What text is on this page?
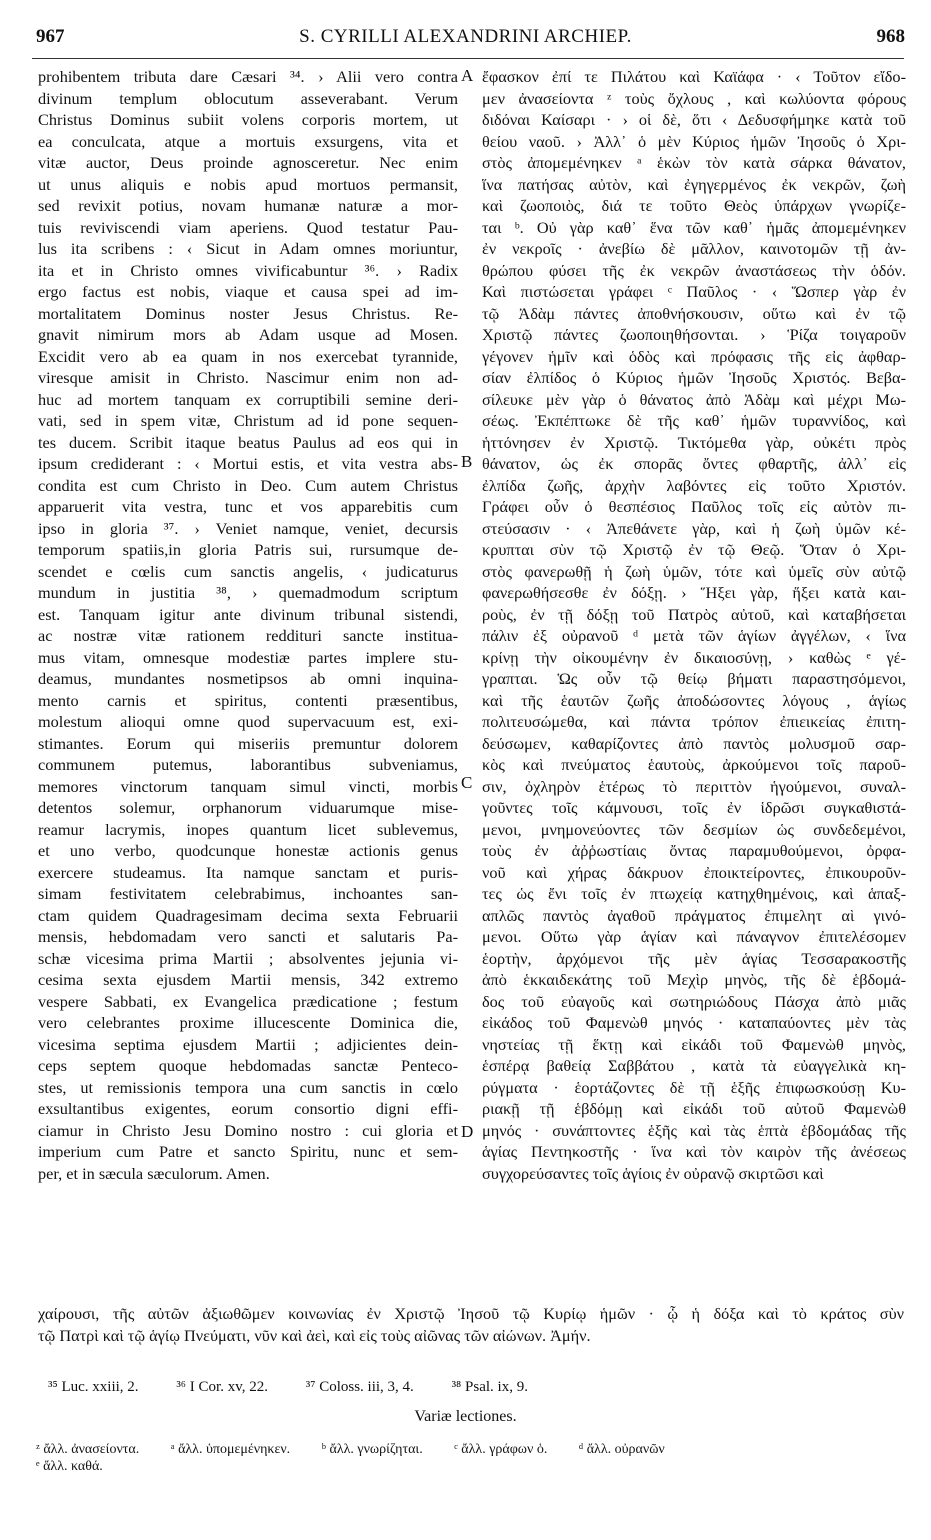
S. CYRILLI ALEXANDRINI ARCHIEP.
967	968
prohibentem tributa dare Cæsari ³⁴. › Alii vero contra
divinum templum oblocutum asseverabant. Verum
Christus Dominus subiit volens corporis mortem, ut
ea conculcata, atque a mortuis exsurgens, vita et
vitæ auctor, Deus proinde agnosceretur. Nec enim
ut unus aliquis e nobis apud mortuos permansit,
sed revixit potius, novam humanæ naturæ a mor-
tuis reviviscendi viam aperiens. Quod testatur Pau-
lus ita scribens : ‹ Sicut in Adam omnes moriuntur,
ita et in Christo omnes vivificabuntur ³⁶. › Radix
ergo factus est nobis, viaque et causa spei ad im-
mortalitatem Dominus noster Jesus Christus. Re-
gnavit nimirum mors ab Adam usque ad Mosen.
Excidit vero ab ea quam in nos exercebat tyrannide,
viresque amisit in Christo. Nascimur enim non ad-
huc ad mortem tanquam ex corruptibili semine deri-
vati, sed in spem vitæ, Christum ad id pone sequen-
tes ducem. Scribit itaque beatus Paulus ad eos qui in
ipsum crediderant : ‹ Mortui estis, et vita vestra abs-
condita est cum Christo in Deo. Cum autem Christus
apparuerit vita vestra, tunc et vos apparebitis cum
ipso in gloria ³⁷. › Veniet namque, veniet, decursis
temporum spatiis,in gloria Patris sui, rursumque de-
scendet e cœlis cum sanctis angelis, ‹ judicaturus
mundum in justitia ³⁸, › quemadmodum scriptum
est. Tanquam igitur ante divinum tribunal sistendi,
ac nostræ vitæ rationem reddituri sancte institua-
mus vitam, omnesque modestiæ partes implere stu-
deamus, mundantes nosmetipsos ab omni inquina-
mento carnis et spiritus, contenti præsentibus,
molestum alioqui omne quod supervacuum est, exi-
stimantes. Eorum qui miseriis premuntur dolorem
communem putemus, laborantibus subveniamus,
memores vinctorum tanquam simul vincti, morbis
detentos solemur, orphanorum viduarumque mise-
reamur lacrymis, inopes quantum licet sublevemus,
et uno verbo, quodcunque honestæ actionis genus
exercere studeamus. Ita namque sanctam et puris-
simam festivitatem celebrabimus, inchoantes san-
ctam quidem Quadragesimam decima sexta Februarii
mensis, hebdomadam vero sancti et salutaris Pa-
schæ vicesima prima Martii ; absolventes jejunia vi-
cesima sexta ejusdem Martii mensis, 342 extremo
vespere Sabbati, ex Evangelica prædicatione ; festum
vero celebrantes proxime illucescente Dominica die,
vicesima septima ejusdem Martii ; adjicientes dein-
ceps septem quoque hebdomadas sanctæ Penteco-
stes, ut remissionis tempora una cum sanctis in cœlo
exsultantibus exigentes, eorum consortio digni effi-
ciamur in Christo Jesu Domino nostro : cui gloria et
imperium cum Patre et sancto Spiritu, nunc et sem-
per, et in sæcula sæculorum. Amen.
ἔφασκον ἐπί τε Πιλάτου καὶ Καϊάφα · ‹ Τοῦτον εἴδο-
μεν ἀνασείοντα ᶻ τοὺς ὄχλους , καὶ κωλύοντα φόρους
διδόναι Καίσαρι · › οἱ δὲ, ὅτι ‹ Δεδυσφήμηκε κατὰ τοῦ
θείου ναοῦ. › Ἀλλ᾽ ὁ μὲν Κύριος ἡμῶν Ἰησοῦς ὁ Χρι-
στὸς ἀπομεμένηκεν ᵃ ἑκὼν τὸν κατὰ σάρκα θάνατον,
ἵνα πατήσας αὐτὸν, καὶ ἐγηγερμένος ἐκ νεκρῶν, ζωὴ
καὶ ζωοποιὸς, διά τε τοῦτο Θεὸς ὑπάρχων γνωρίζε-
ται ᵇ. Οὐ γὰρ καθ᾽ ἕνα τῶν καθ᾽ ἡμᾶς ἀπομεμένηκεν
ἐν νεκροῖς · ἀνεβίω δὲ μᾶλλον, καινοτομῶν τῇ ἀν-
θρώπου φύσει τῆς ἐκ νεκρῶν ἀναστάσεως τὴν ὁδόν.
Καὶ πιστώσεται γράφει ᶜ Παῦλος · ‹ Ὥσπερ γὰρ ἐν
τῷ Ἀδὰμ πάντες ἀποθνήσκουσιν, οὕτω καὶ ἐν τῷ
Χριστῷ πάντες ζωοποιηθήσονται. › Ῥίζα τοιγαροῦν
γέγονεν ἡμῖν καὶ ὁδὸς καὶ πρόφασις τῆς εἰς ἀφθαρ-
σίαν ἐλπίδος ὁ Κύριος ἡμῶν Ἰησοῦς Χριστός. Βεβα-
σίλευκε μὲν γὰρ ὁ θάνατος ἀπὸ Ἀδὰμ καὶ μέχρι Μω-
σέως. Ἐκπέπτωκε δὲ τῆς καθ᾽ ἡμῶν τυραννίδος, καὶ
ἡττόνησεν ἐν Χριστῷ. Τικτόμεθα γὰρ, οὐκέτι πρὸς
θάνατον, ὡς ἐκ σπορᾶς ὄντες φθαρτῆς, ἀλλ᾽ εἰς
ἐλπίδα ζωῆς, ἀρχὴν λαβόντες εἰς τοῦτο Χριστόν.
Γράφει οὖν ὁ θεσπέσιος Παῦλος τοῖς εἰς αὐτὸν πι-
στεύσασιν · ‹ Ἀπεθάνετε γὰρ, καὶ ἡ ζωὴ ὑμῶν κέ-
κρυπται σὺν τῷ Χριστῷ ἐν τῷ Θεῷ. Ὅταν ὁ Χρι-
στὸς φανερωθῇ ἡ ζωὴ ὑμῶν, τότε καὶ ὑμεῖς σὺν αὐτῷ
φανερωθήσεσθε ἐν δόξῃ. › Ἥξει γὰρ, ἥξει κατὰ και-
ροὺς, ἐν τῇ δόξῃ τοῦ Πατρὸς αὐτοῦ, καὶ καταβήσεται
πάλιν ἐξ οὐρανοῦ ᵈ μετὰ τῶν ἁγίων ἀγγέλων, ‹ ἵνα
κρίνῃ τὴν οἰκουμένην ἐν δικαιοσύνῃ, › καθὼς ᵉ γέ-
γραπται. Ὡς οὖν τῷ θείῳ βήματι παραστησόμενοι,
καὶ τῆς ἑαυτῶν ζωῆς ἀποδώσοντες λόγους , ἁγίως
πολιτευσώμεθα, καὶ πάντα τρόπον ἐπιεικείας ἐπιτη-
δεύσωμεν, καθαρίζοντες ἀπὸ παντὸς μολυσμοῦ σαρ-
κὸς καὶ πνεύματος ἑαυτοὺς, ἀρκούμενοι τοῖς παροῦ-
σιν, ὀχληρὸν ἑτέρως τὸ περιττὸν ἡγούμενοι, συναλ-
γοῦντες τοῖς κάμνουσι, τοῖς ἐν ἱδρῶσι συγκαθιστά-
μενοι, μνημονεύοντες τῶν δεσμίων ὡς συνδεδεμένοι,
τοὺς ἐν ἀῤῥωστίαις ὄντας παραμυθούμενοι, ὀρφα-
νοῦ καὶ χήρας δάκρυον ἐποικτείροντες, ἐπικουροῦν-
τες ὡς ἔνι τοῖς ἐν πτωχείᾳ κατηχθημένοις, καὶ ἁπαξ-
απλῶς παντὸς ἀγαθοῦ πράγματος ἐπιμελητ αὶ γινό-
μενοι. Οὕτω γὰρ ἁγίαν καὶ πάναγνον ἐπιτελέσομεν
ἑορτὴν, ἀρχόμενοι τῆς μὲν ἁγίας Τεσσαρακοστῆς
ἀπὸ ἑκκαιδεκάτης τοῦ Μεχὶρ μηνὸς, τῆς δὲ ἑβδομά-
δος τοῦ εὐαγοῦς καὶ σωτηριώδους Πάσχα ἀπὸ μιᾶς
εἰκάδος τοῦ Φαμενὼθ μηνός · καταπαύοντες μὲν τὰς
νηστείας τῇ ἕκτῃ καὶ εἰκάδι τοῦ Φαμενὼθ μηνὸς,
ἑσπέρᾳ βαθείᾳ Σαββάτου , κατὰ τὰ εὐαγγελικὰ κη-
ρύγματα · ἑορτάζοντες δὲ τῇ ἑξῆς ἐπιφωσκούσῃ Κυ-
ριακῇ τῇ ἑβδόμῃ καὶ εἰκάδι τοῦ αὐτοῦ Φαμενὼθ
μηνός · συνάπτοντες ἑξῆς καὶ τὰς ἑπτὰ ἑβδομάδας τῆς
ἁγίας Πεντηκοστῆς · ἵνα καὶ τὸν καιρὸν τῆς ἀνέσεως
συγχορεύσαντες τοῖς ἁγίοις ἐν οὐρανῷ σκιρτῶσι καὶ
A
B
C
D
χαίρουσι, τῆς αὐτῶν ἀξιωθῶμεν κοινωνίας ἐν Χριστῷ Ἰησοῦ τῷ Κυρίῳ ἡμῶν · ᾧ ἡ δόξα καὶ τὸ κράτος σὺν
τῷ Πατρὶ καὶ τῷ ἁγίῳ Πνεύματι, νῦν καὶ ἀεὶ, καὶ εἰς τοὺς αἰῶνας τῶν αἰώνων. Ἀμήν.
³⁵ Luc. xxiii, 2.	³⁶ I Cor. xv, 22.	³⁷ Coloss. iii, 3, 4.	³⁸ Psal. ix, 9.
Variæ lectiones.
ᶻ ἄλλ. ἀνασείοντα. ᵃ ἄλλ. ὑπομεμένηκεν. ᵇ ἄλλ. γνωρίζηται. ᶜ ἄλλ. γράφων ὁ. ᵈ ἄλλ. οὐρανῶν
ᵉ ἄλλ. καθά.
